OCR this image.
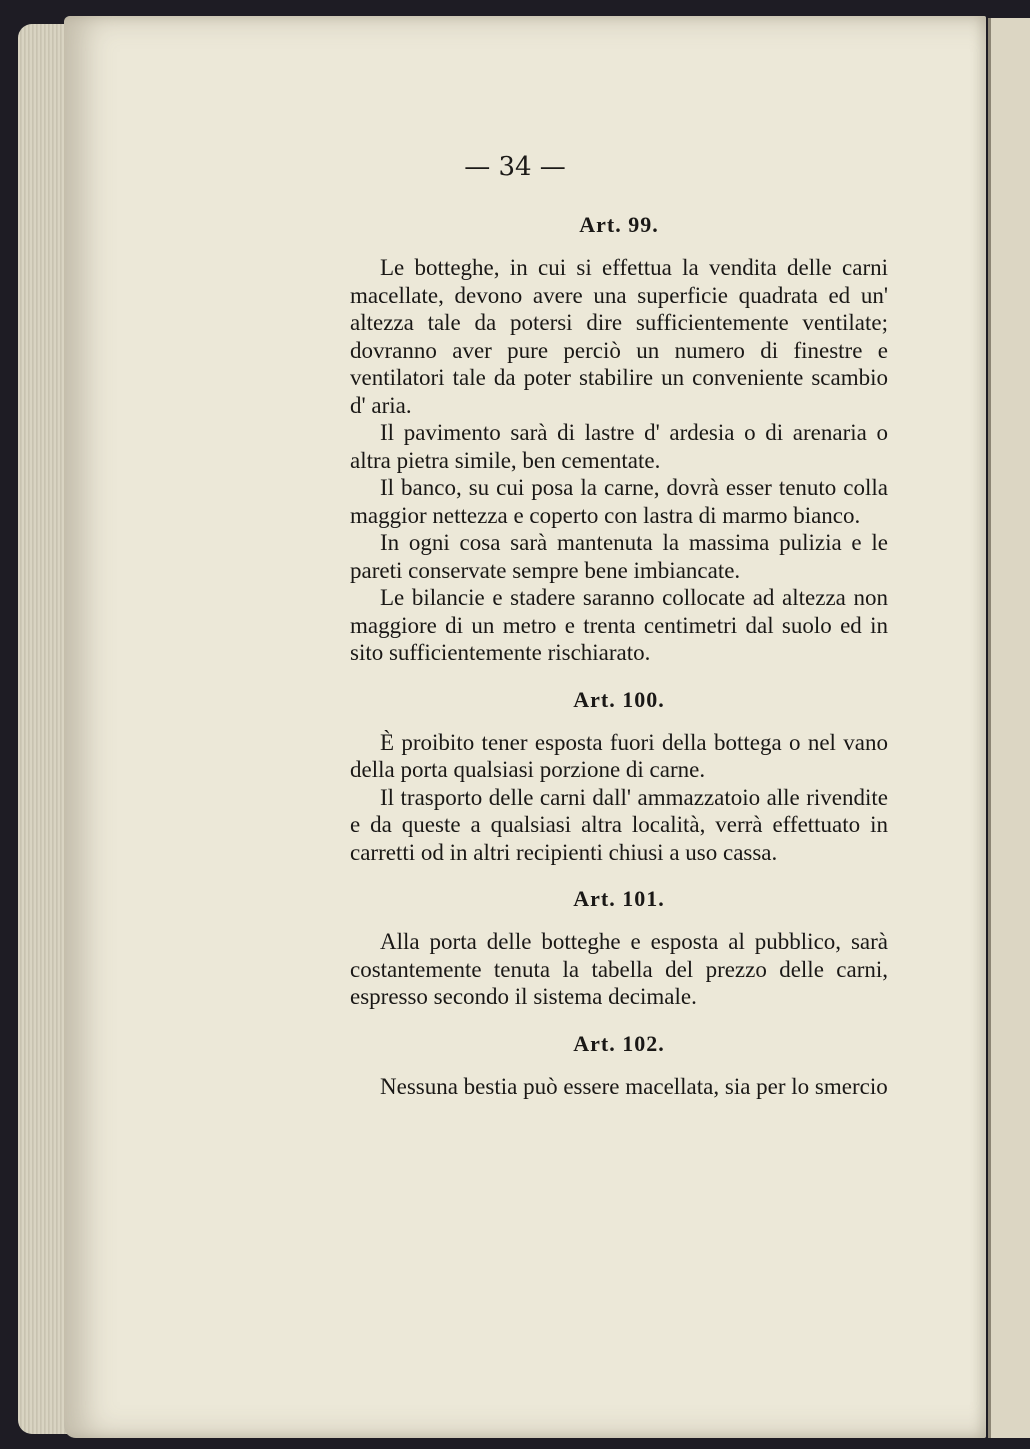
— 34 —
Art. 99.

Le botteghe, in cui si effettua la vendita delle carni macellate, devono avere una superficie quadrata ed un' altezza tale da potersi dire sufficientemente ventilate; dovranno aver pure perciò un numero di finestre e ventilatori tale da poter stabilire un conveniente scambio d' aria.

Il pavimento sarà di lastre d' ardesia o di arenaria o altra pietra simile, ben cementate.

Il banco, su cui posa la carne, dovrà esser tenuto colla maggior nettezza e coperto con lastra di marmo bianco.

In ogni cosa sarà mantenuta la massima pulizia e le pareti conservate sempre bene imbiancate.

Le bilancie e stadere saranno collocate ad altezza non maggiore di un metro e trenta centimetri dal suolo ed in sito sufficientemente rischiarato.

Art. 100.

È proibito tener esposta fuori della bottega o nel vano della porta qualsiasi porzione di carne.

Il trasporto delle carni dall' ammazzatoio alle rivendite e da queste a qualsiasi altra località, verrà effettuato in carretti od in altri recipienti chiusi a uso cassa.

Art. 101.

Alla porta delle botteghe e esposta al pubblico, sarà costantemente tenuta la tabella del prezzo delle carni, espresso secondo il sistema decimale.

Art. 102.

Nessuna bestia può essere macellata, sia per lo smercio
